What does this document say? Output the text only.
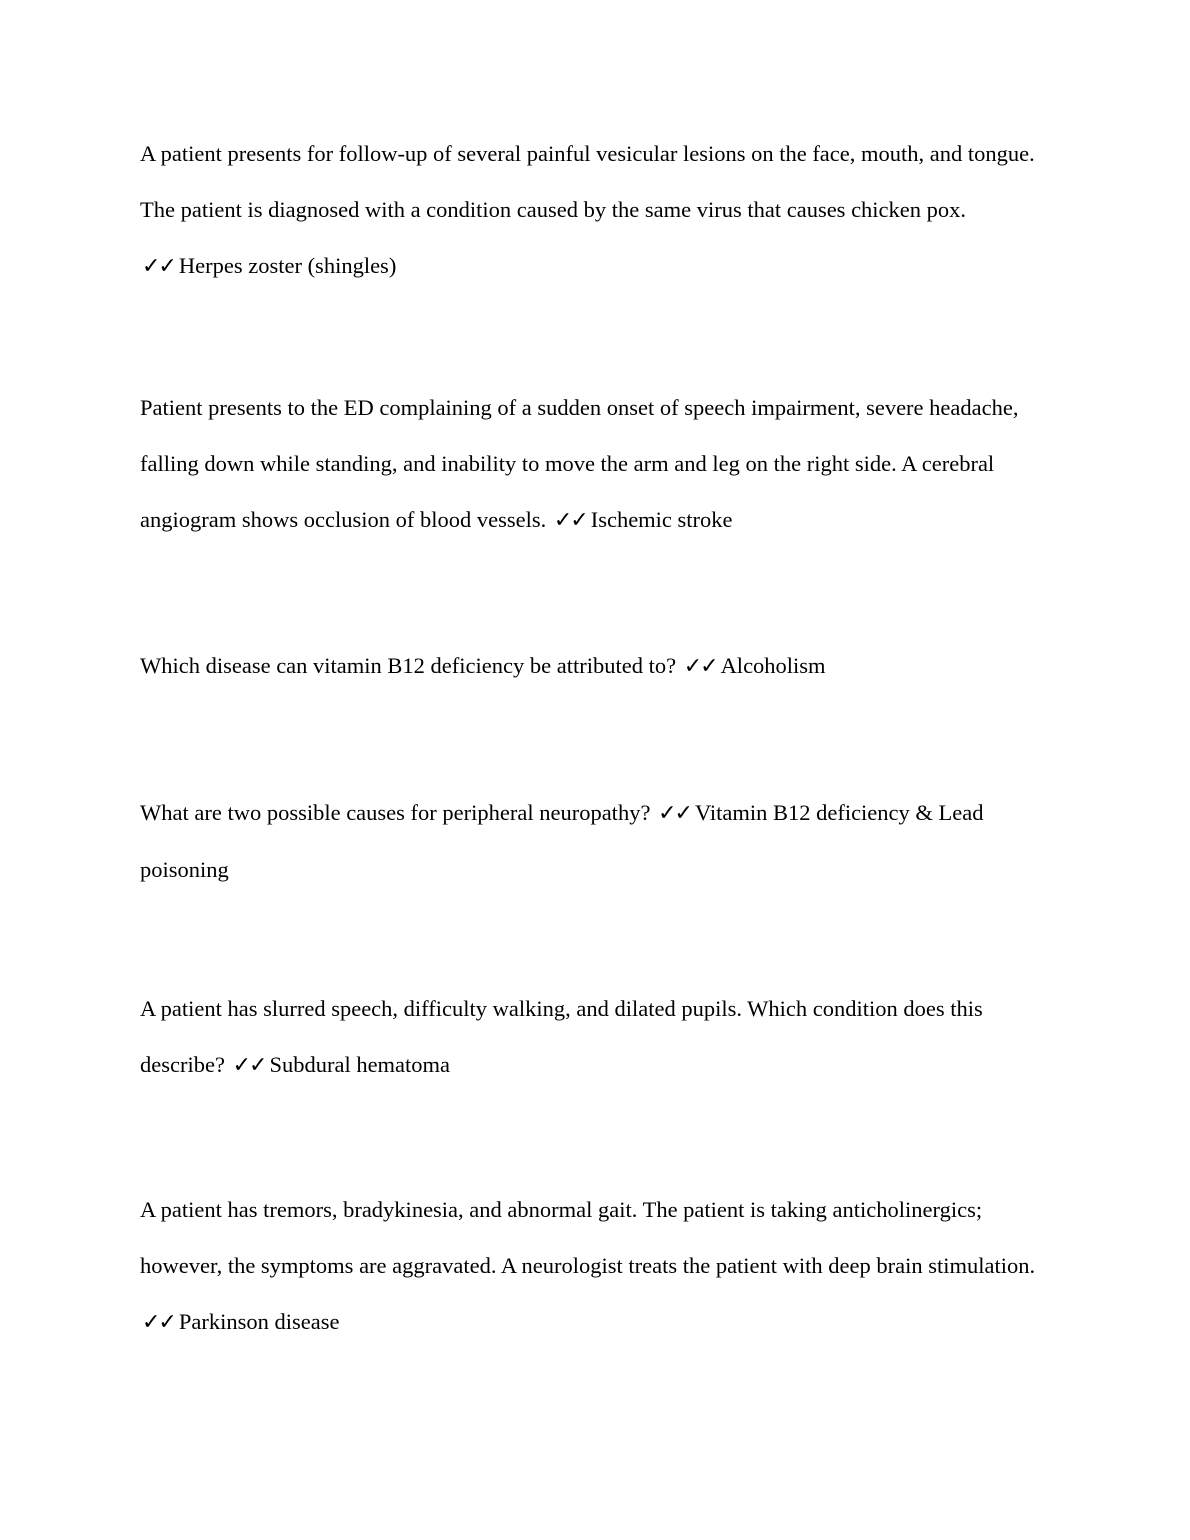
A patient presents for follow-up of several painful vesicular lesions on the face, mouth, and tongue. The patient is diagnosed with a condition caused by the same virus that causes chicken pox. ✓✓ Herpes zoster (shingles)

Patient presents to the ED complaining of a sudden onset of speech impairment, severe headache, falling down while standing, and inability to move the arm and leg on the right side. A cerebral angiogram shows occlusion of blood vessels. ✓✓ Ischemic stroke

Which disease can vitamin B12 deficiency be attributed to? ✓✓ Alcoholism

What are two possible causes for peripheral neuropathy? ✓✓ Vitamin B12 deficiency & Lead poisoning

A patient has slurred speech, difficulty walking, and dilated pupils. Which condition does this describe? ✓✓ Subdural hematoma

A patient has tremors, bradykinesia, and abnormal gait. The patient is taking anticholinergics; however, the symptoms are aggravated. A neurologist treats the patient with deep brain stimulation. ✓✓ Parkinson disease
